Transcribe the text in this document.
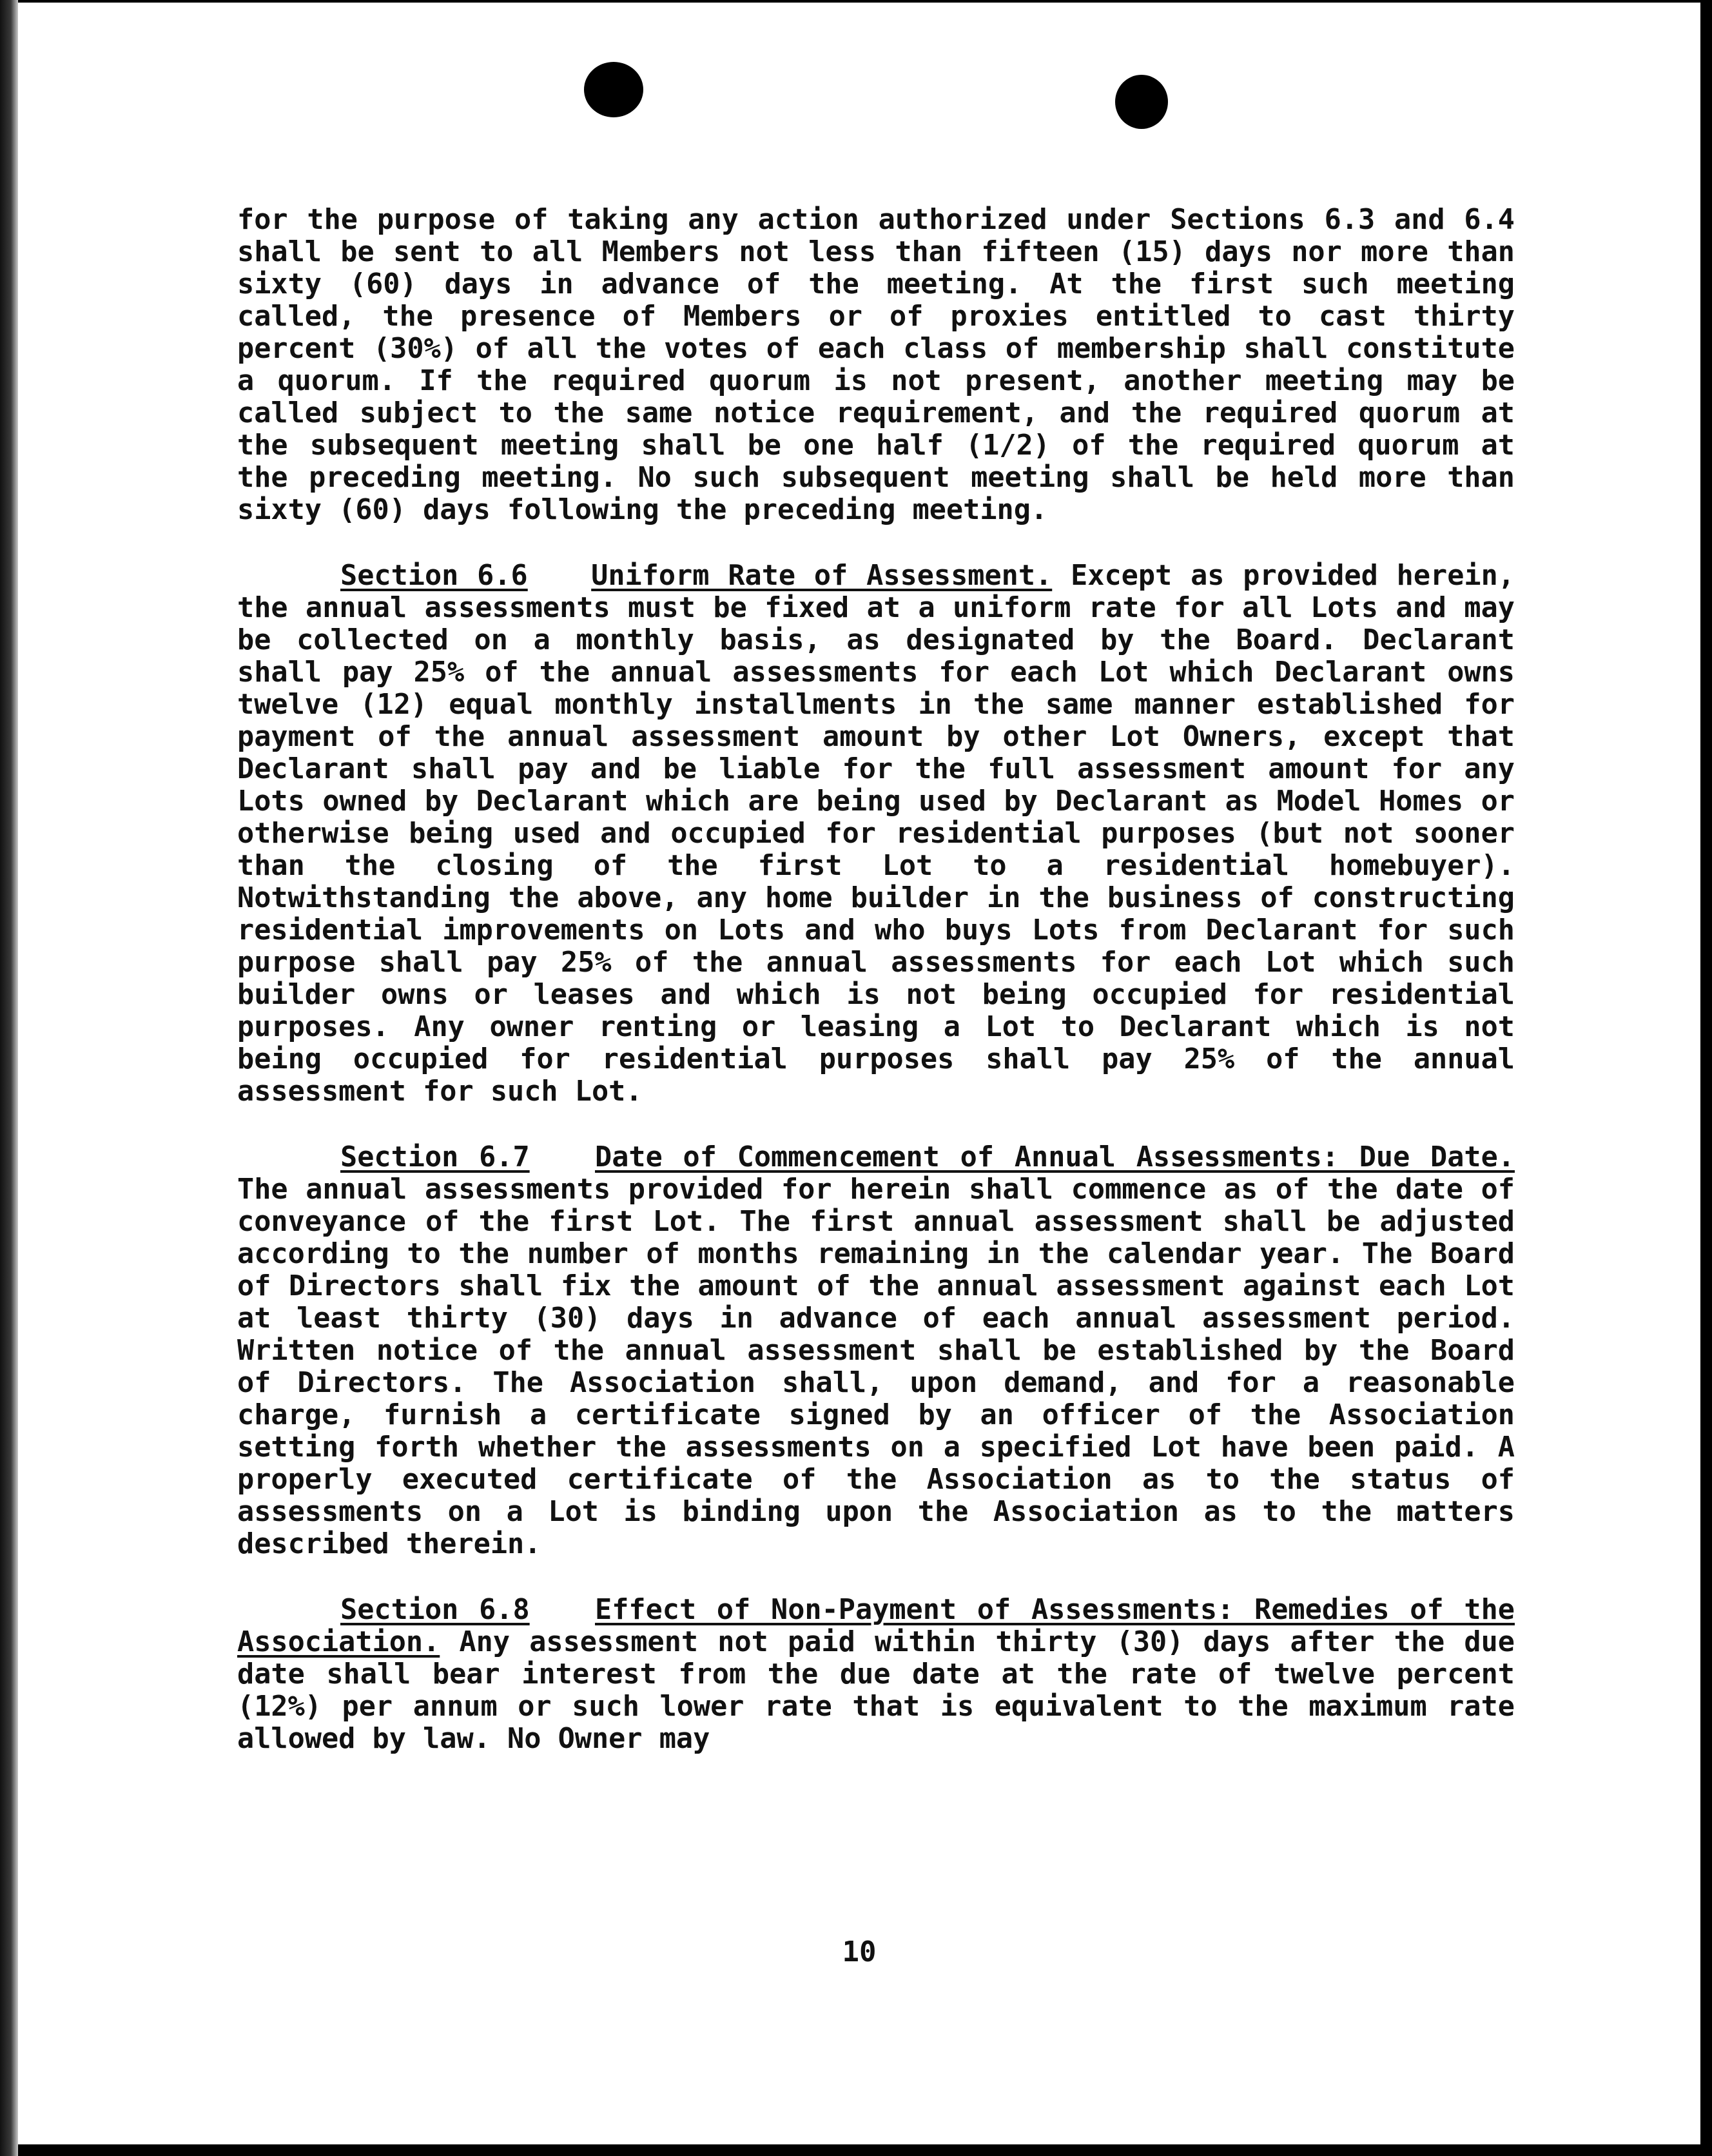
for the purpose of taking any action authorized under Sections 6.3 and 6.4 shall be sent to all Members not less than fifteen (15) days nor more than sixty (60) days in advance of the meeting. At the first such meeting called, the presence of Members or of proxies entitled to cast thirty percent (30%) of all the votes of each class of membership shall constitute a quorum. If the required quorum is not present, another meeting may be called subject to the same notice requirement, and the required quorum at the subsequent meeting shall be one half (1/2) of the required quorum at the preceding meeting. No such subsequent meeting shall be held more than sixty (60) days following the preceding meeting.

Section 6.6 Uniform Rate of Assessment. Except as provided herein, the annual assessments must be fixed at a uniform rate for all Lots and may be collected on a monthly basis, as designated by the Board. Declarant shall pay 25% of the annual assessments for each Lot which Declarant owns twelve (12) equal monthly installments in the same manner established for payment of the annual assessment amount by other Lot Owners, except that Declarant shall pay and be liable for the full assessment amount for any Lots owned by Declarant which are being used by Declarant as Model Homes or otherwise being used and occupied for residential purposes (but not sooner than the closing of the first Lot to a residential homebuyer). Notwithstanding the above, any home builder in the business of constructing residential improvements on Lots and who buys Lots from Declarant for such purpose shall pay 25% of the annual assessments for each Lot which such builder owns or leases and which is not being occupied for residential purposes. Any owner renting or leasing a Lot to Declarant which is not being occupied for residential purposes shall pay 25% of the annual assessment for such Lot.

Section 6.7 Date of Commencement of Annual Assessments: Due Date. The annual assessments provided for herein shall commence as of the date of conveyance of the first Lot. The first annual assessment shall be adjusted according to the number of months remaining in the calendar year. The Board of Directors shall fix the amount of the annual assessment against each Lot at least thirty (30) days in advance of each annual assessment period. Written notice of the annual assessment shall be established by the Board of Directors. The Association shall, upon demand, and for a reasonable charge, furnish a certificate signed by an officer of the Association setting forth whether the assessments on a specified Lot have been paid. A properly executed certificate of the Association as to the status of assessments on a Lot is binding upon the Association as to the matters described therein.

Section 6.8 Effect of Non-Payment of Assessments: Remedies of the Association. Any assessment not paid within thirty (30) days after the due date shall bear interest from the due date at the rate of twelve percent (12%) per annum or such lower rate that is equivalent to the maximum rate allowed by law. No Owner may

10
